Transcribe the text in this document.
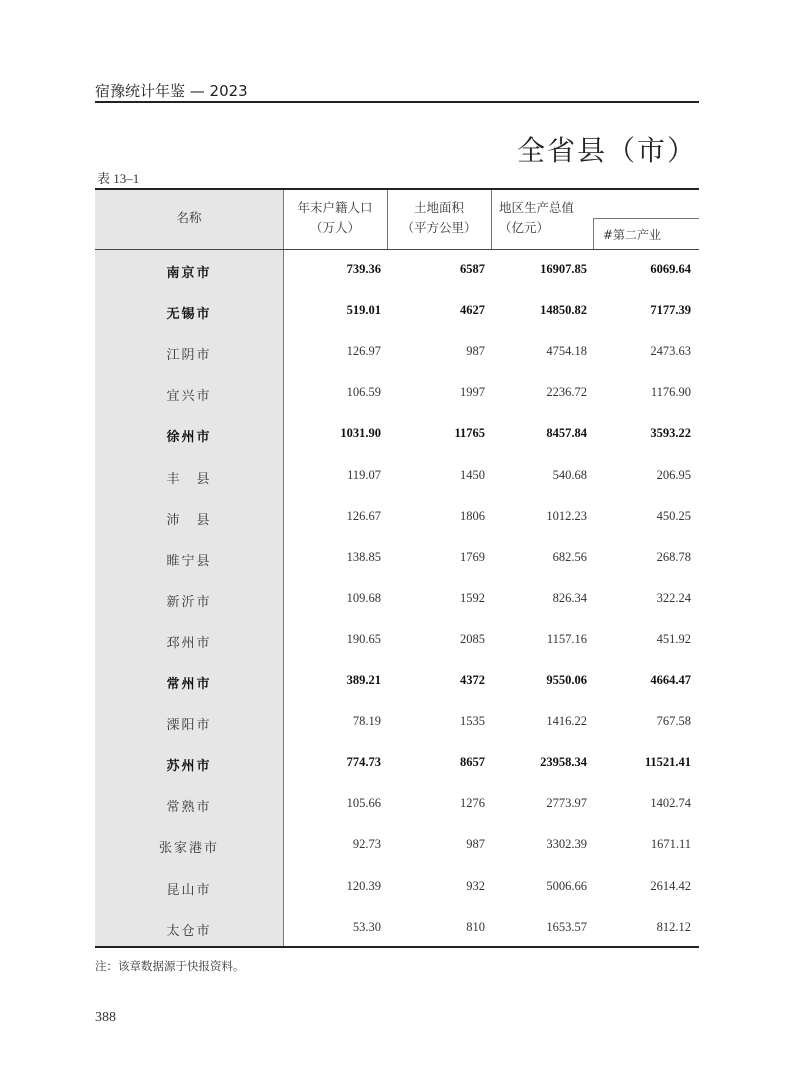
宿豫统计年鉴 — 2023
全省县（市）
表 13–1
名称
年末户籍人口
（万人）
土地面积
（平方公里）
地区生产总值
（亿元）	#第二产业
南京市	739.36	6587	16907.85	6069.64
无锡市	519.01	4627	14850.82	7177.39
江阴市	126.97	987	4754.18	2473.63
宜兴市	106.59	1997	2236.72	1176.90
徐州市	1031.90	11765	8457.84	3593.22
丰　县	119.07	1450	540.68	206.95
沛　县	126.67	1806	1012.23	450.25
睢宁县	138.85	1769	682.56	268.78
新沂市	109.68	1592	826.34	322.24
邳州市	190.65	2085	1157.16	451.92
常州市	389.21	4372	9550.06	4664.47
溧阳市	78.19	1535	1416.22	767.58
苏州市	774.73	8657	23958.34	11521.41
常熟市	105.66	1276	2773.97	1402.74
张家港市	92.73	987	3302.39	1671.11
昆山市	120.39	932	5006.66	2614.42
太仓市	53.30	810	1653.57	812.12
注：该章数据源于快报资料。
388
